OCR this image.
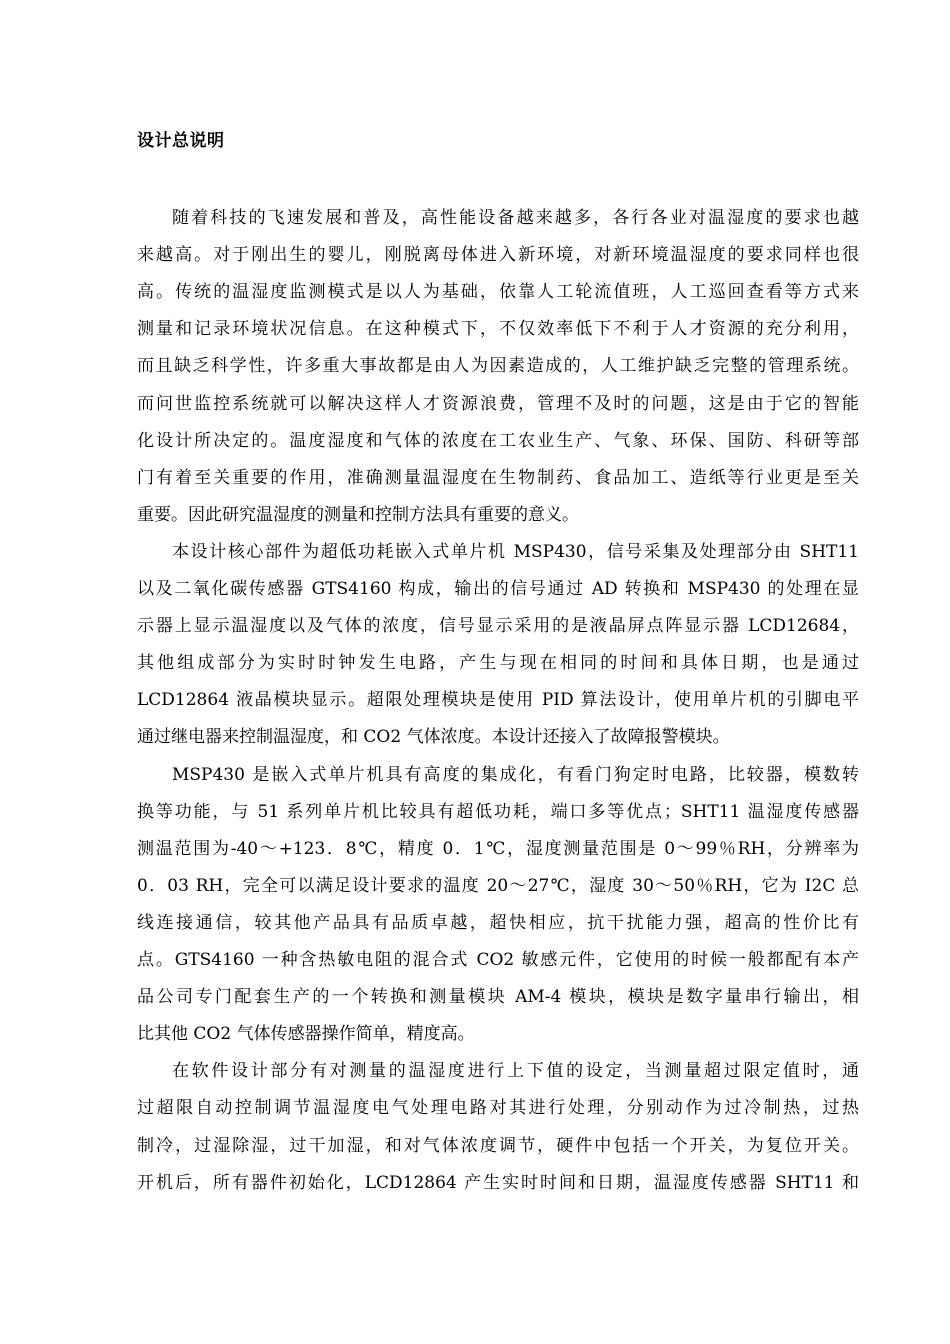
设计总说明
随着科技的飞速发展和普及，高性能设备越来越多，各行各业对温湿度的要求也越
来越高。对于刚出生的婴儿，刚脱离母体进入新环境，对新环境温湿度的要求同样也很
高。传统的温湿度监测模式是以人为基础，依靠人工轮流值班，人工巡回查看等方式来
测量和记录环境状况信息。在这种模式下，不仅效率低下不利于人才资源的充分利用，
而且缺乏科学性，许多重大事故都是由人为因素造成的，人工维护缺乏完整的管理系统。
而问世监控系统就可以解决这样人才资源浪费，管理不及时的问题，这是由于它的智能
化设计所决定的。温度湿度和气体的浓度在工农业生产、气象、环保、国防、科研等部
门有着至关重要的作用，准确测量温湿度在生物制药、食品加工、造纸等行业更是至关
重要。因此研究温湿度的测量和控制方法具有重要的意义。
本设计核心部件为超低功耗嵌入式单片机 MSP430，信号采集及处理部分由 SHT11
以及二氧化碳传感器 GTS4160 构成，输出的信号通过 AD 转换和 MSP430 的处理在显
示器上显示温湿度以及气体的浓度，信号显示采用的是液晶屏点阵显示器 LCD12684，
其他组成部分为实时时钟发生电路，产生与现在相同的时间和具体日期，也是通过
LCD12864 液晶模块显示。超限处理模块是使用 PID 算法设计，使用单片机的引脚电平
通过继电器来控制温湿度，和 CO2 气体浓度。本设计还接入了故障报警模块。
MSP430 是嵌入式单片机具有高度的集成化，有看门狗定时电路，比较器，模数转
换等功能，与 51 系列单片机比较具有超低功耗，端口多等优点；SHT11 温湿度传感器
测温范围为-40～+123．8℃，精度 0．1℃，湿度测量范围是 0～99％RH，分辨率为
0．03 RH，完全可以满足设计要求的温度 20～27℃，湿度 30～50％RH，它为 I2C 总
线连接通信，较其他产品具有品质卓越，超快相应，抗干扰能力强，超高的性价比有
点。GTS4160 一种含热敏电阻的混合式 CO2 敏感元件，它使用的时候一般都配有本产
品公司专门配套生产的一个转换和测量模块 AM-4 模块，模块是数字量串行输出，相
比其他 CO2 气体传感器操作简单，精度高。
在软件设计部分有对测量的温湿度进行上下值的设定，当测量超过限定值时，通
过超限自动控制调节温湿度电气处理电路对其进行处理，分别动作为过冷制热，过热
制冷，过湿除湿，过干加湿，和对气体浓度调节，硬件中包括一个开关，为复位开关。
开机后，所有器件初始化，LCD12864 产生实时时间和日期，温湿度传感器 SHT11 和
